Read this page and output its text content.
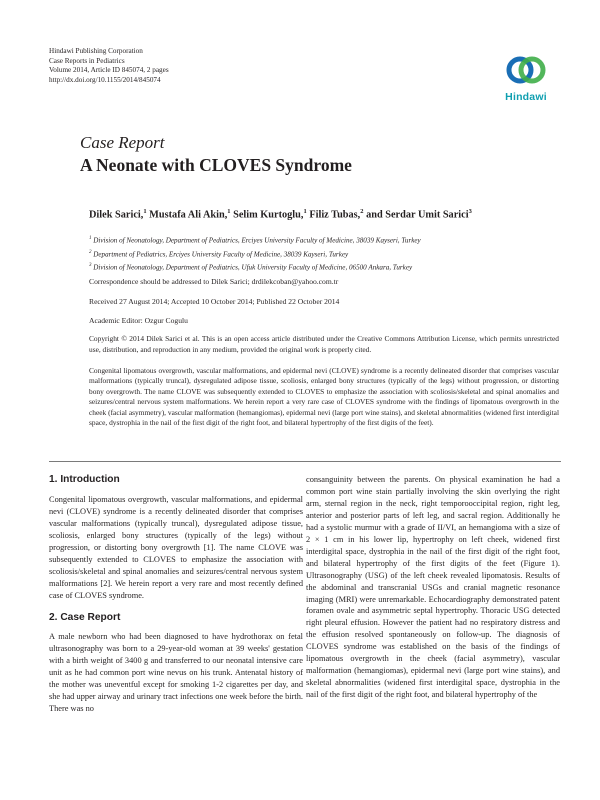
Hindawi Publishing Corporation
Case Reports in Pediatrics
Volume 2014, Article ID 845074, 2 pages
http://dx.doi.org/10.1155/2014/845074
Hindawi
Case Report
A Neonate with CLOVES Syndrome
Dilek Sarici,$^1$ Mustafa Ali Akin,$^1$ Selim Kurtoglu,$^1$ Filiz Tubas,$^2$ and Serdar Umit Sarici$^3$
$^1$ Division of Neonatology, Department of Pediatrics, Erciyes University Faculty of Medicine, 38039 Kayseri, Turkey
$^2$ Department of Pediatrics, Erciyes University Faculty of Medicine, 38039 Kayseri, Turkey
$^3$ Division of Neonatology, Department of Pediatrics, Ufuk University Faculty of Medicine, 06500 Ankara, Turkey
Correspondence should be addressed to Dilek Sarici; drdilekcoban@yahoo.com.tr
Received 27 August 2014; Accepted 10 October 2014; Published 22 October 2014
Academic Editor: Ozgur Cogulu
Copyright © 2014 Dilek Sarici et al. This is an open access article distributed under the Creative Commons Attribution License, which permits unrestricted use, distribution, and reproduction in any medium, provided the original work is properly cited.
Congenital lipomatous overgrowth, vascular malformations, and epidermal nevi (CLOVE) syndrome is a recently delineated disorder that comprises vascular malformations (typically truncal), dysregulated adipose tissue, scoliosis, enlarged bony structures (typically of the legs) without progression, or distorting bony overgrowth. The name CLOVE was subsequently extended to CLOVES to emphasize the association with scoliosis/skeletal and spinal anomalies and seizures/central nervous system malformations. We herein report a very rare case of CLOVES syndrome with the findings of lipomatous overgrowth in the cheek (facial asymmetry), vascular malformation (hemangiomas), epidermal nevi (large port wine stains), and skeletal abnormalities (widened first interdigital space, dystrophia in the nail of the first digit of the right foot, and bilateral hypertrophy of the first digits of the feet).
1. Introduction

Congenital lipomatous overgrowth, vascular malformations, and epidermal nevi (CLOVE) syndrome is a recently delineated disorder that comprises vascular malformations (typically truncal), dysregulated adipose tissue, scoliosis, enlarged bony structures (typically of the legs) without progression, or distorting bony overgrowth [1]. The name CLOVE was subsequently extended to CLOVES to emphasize the association with scoliosis/skeletal and spinal anomalies and seizures/central nervous system malformations [2]. We herein report a very rare and most recently defined case of CLOVES syndrome.

2. Case Report

A male newborn who had been diagnosed to have hydrothorax on fetal ultrasonography was born to a 29-year-old woman at 39 weeks' gestation with a birth weight of 3400 g and transferred to our neonatal intensive care unit as he had common port wine nevus on his trunk. Antenatal history of the mother was uneventful except for smoking 1-2 cigarettes per day, and she had upper airway and urinary tract infections one week before the birth. There was no

consanguinity between the parents. On physical examination he had a common port wine stain partially involving the skin overlying the right arm, sternal region in the neck, right temporooccipital region, right leg, anterior and posterior parts of left leg, and sacral region. Additionally he had a systolic murmur with a grade of II/VI, an hemangioma with a size of 2 × 1 cm in his lower lip, hypertrophy on left cheek, widened first interdigital space, dystrophia in the nail of the first digit of the right foot, and bilateral hypertrophy of the first digits of the feet (Figure 1). Ultrasonography (USG) of the left cheek revealed lipomatosis. Results of the abdominal and transcranial USGs and cranial magnetic resonance imaging (MRI) were unremarkable. Echocardiography demonstrated patent foramen ovale and asymmetric septal hypertrophy. Thoracic USG detected right pleural effusion. However the patient had no respiratory distress and the effusion resolved spontaneously on follow-up. The diagnosis of CLOVES syndrome was established on the basis of the findings of lipomatous overgrowth in the cheek (facial asymmetry), vascular malformation (hemangiomas), epidermal nevi (large port wine stains), and skeletal abnormalities (widened first interdigital space, dystrophia in the nail of the first digit of the right foot, and bilateral hypertrophy of the
